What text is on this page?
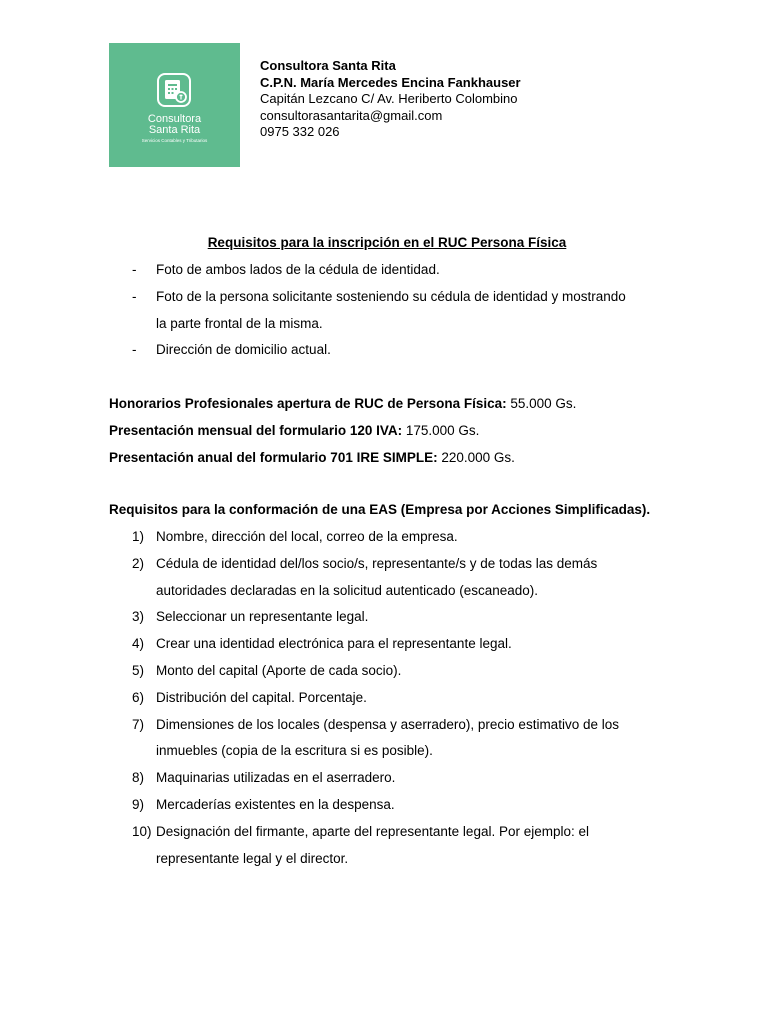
Consultora
Santa Rita
Servicios Contables y Tributarios
Consultora Santa Rita
C.P.N. María Mercedes Encina Fankhauser
Capitán Lezcano C/ Av. Heriberto Colombino
consultorasantarita@gmail.com
0975 332 026
Requisitos para la inscripción en el RUC Persona Física
- Foto de ambos lados de la cédula de identidad.
- Foto de la persona solicitante sosteniendo su cédula de identidad y mostrando
la parte frontal de la misma.
- Dirección de domicilio actual.
Honorarios Profesionales apertura de RUC de Persona Física: 55.000 Gs.
Presentación mensual del formulario 120 IVA: 175.000 Gs.
Presentación anual del formulario 701 IRE SIMPLE: 220.000 Gs.
Requisitos para la conformación de una EAS (Empresa por Acciones Simplificadas).
1) Nombre, dirección del local, correo de la empresa.
2) Cédula de identidad del/los socio/s, representante/s y de todas las demás
autoridades declaradas en la solicitud autenticado (escaneado).
3) Seleccionar un representante legal.
4) Crear una identidad electrónica para el representante legal.
5) Monto del capital (Aporte de cada socio).
6) Distribución del capital. Porcentaje.
7) Dimensiones de los locales (despensa y aserradero), precio estimativo de los
inmuebles (copia de la escritura si es posible).
8) Maquinarias utilizadas en el aserradero.
9) Mercaderías existentes en la despensa.
10) Designación del firmante, aparte del representante legal. Por ejemplo: el
representante legal y el director.
